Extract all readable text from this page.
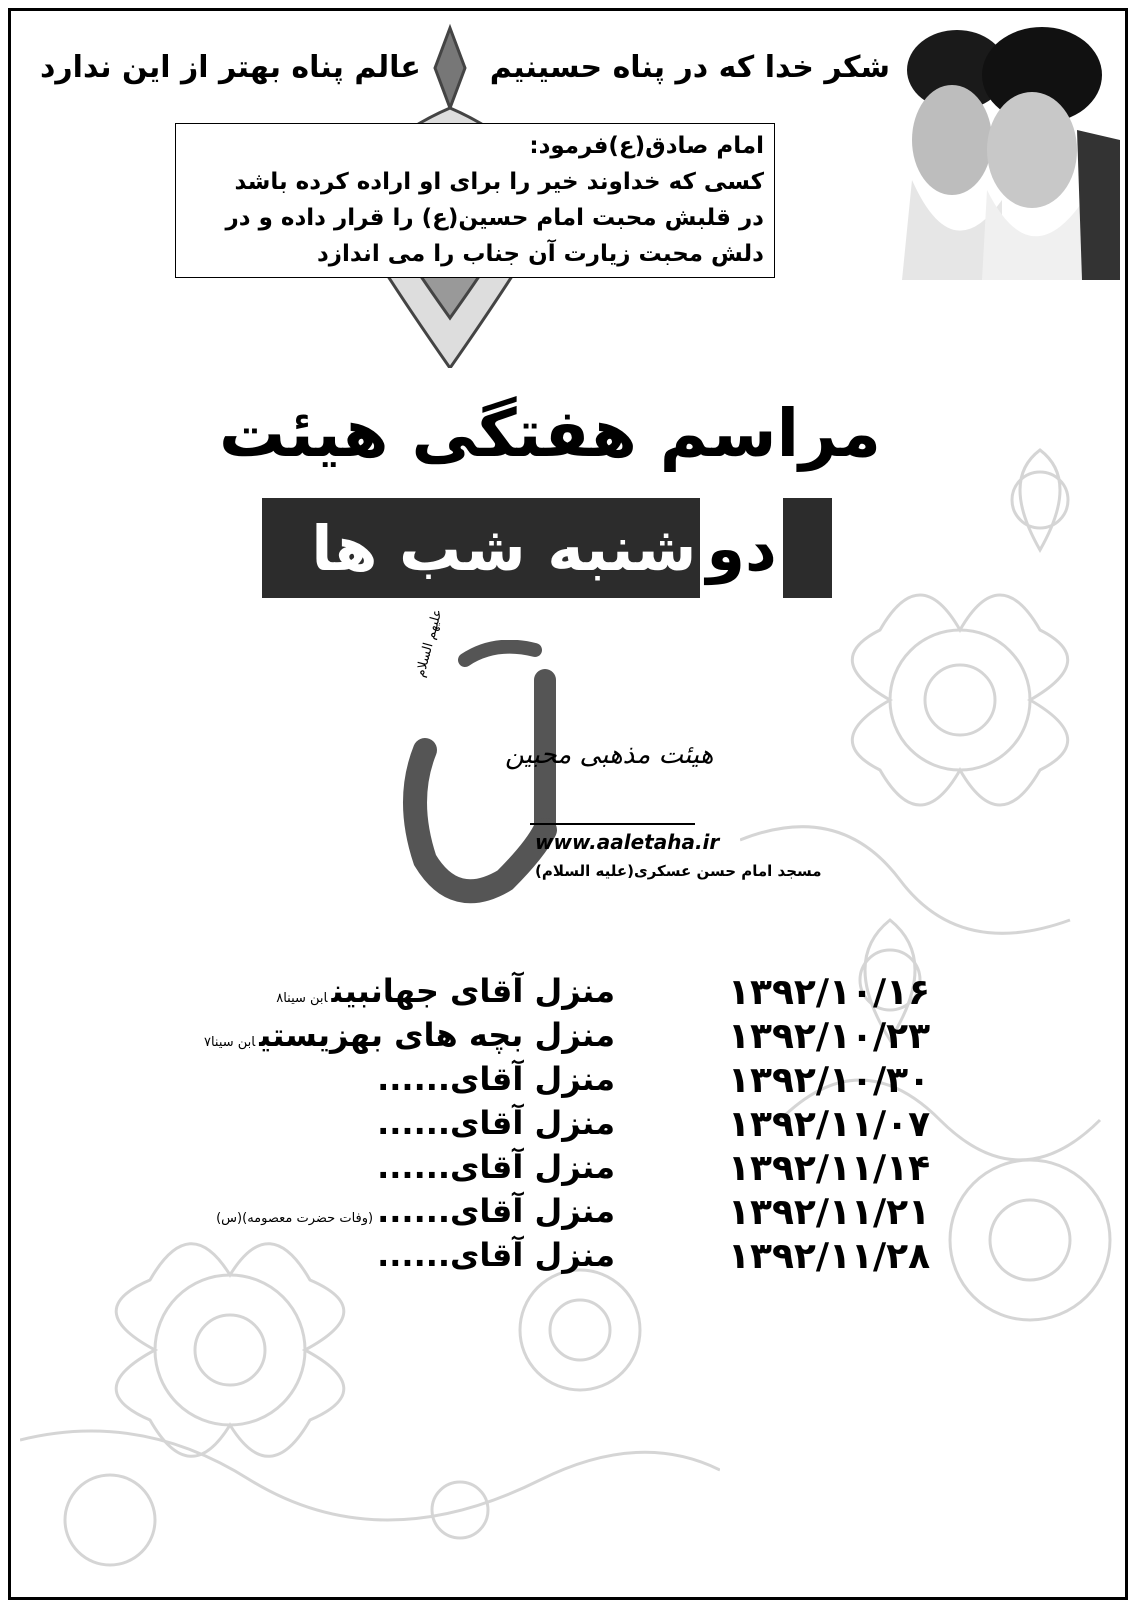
شکر خدا که در پناه حسینیم
عالم پناه بهتر از این ندارد

امام صادق(ع)فرمود:

کسی که خداوند خیر را برای او اراده کرده باشد

در قلبش محبت امام حسین(ع) را قرار داده و در

دلش محبت زیارت آن جناب را می اندازد

مراسم هفتگی هیئت
دو
شنبه شب ها
علیهم السلام
هیئت مذهبی محبین
www.aaletaha.ir
مسجد امام حسن عسکری(علیه السلام)
۱۳۹۲/۱۰/۱۶
منزل آقای جهانبینابن سینا۸
۱۳۹۲/۱۰/۲۳
منزل بچه های بهزیستیابن سینا۷
۱۳۹۲/۱۰/۳۰
منزل آقای......
۱۳۹۲/۱۱/۰۷
منزل آقای......
۱۳۹۲/۱۱/۱۴
منزل آقای......
۱۳۹۲/۱۱/۲۱
منزل آقای......(وفات حضرت معصومه)(س)
۱۳۹۲/۱۱/۲۸
منزل آقای......
